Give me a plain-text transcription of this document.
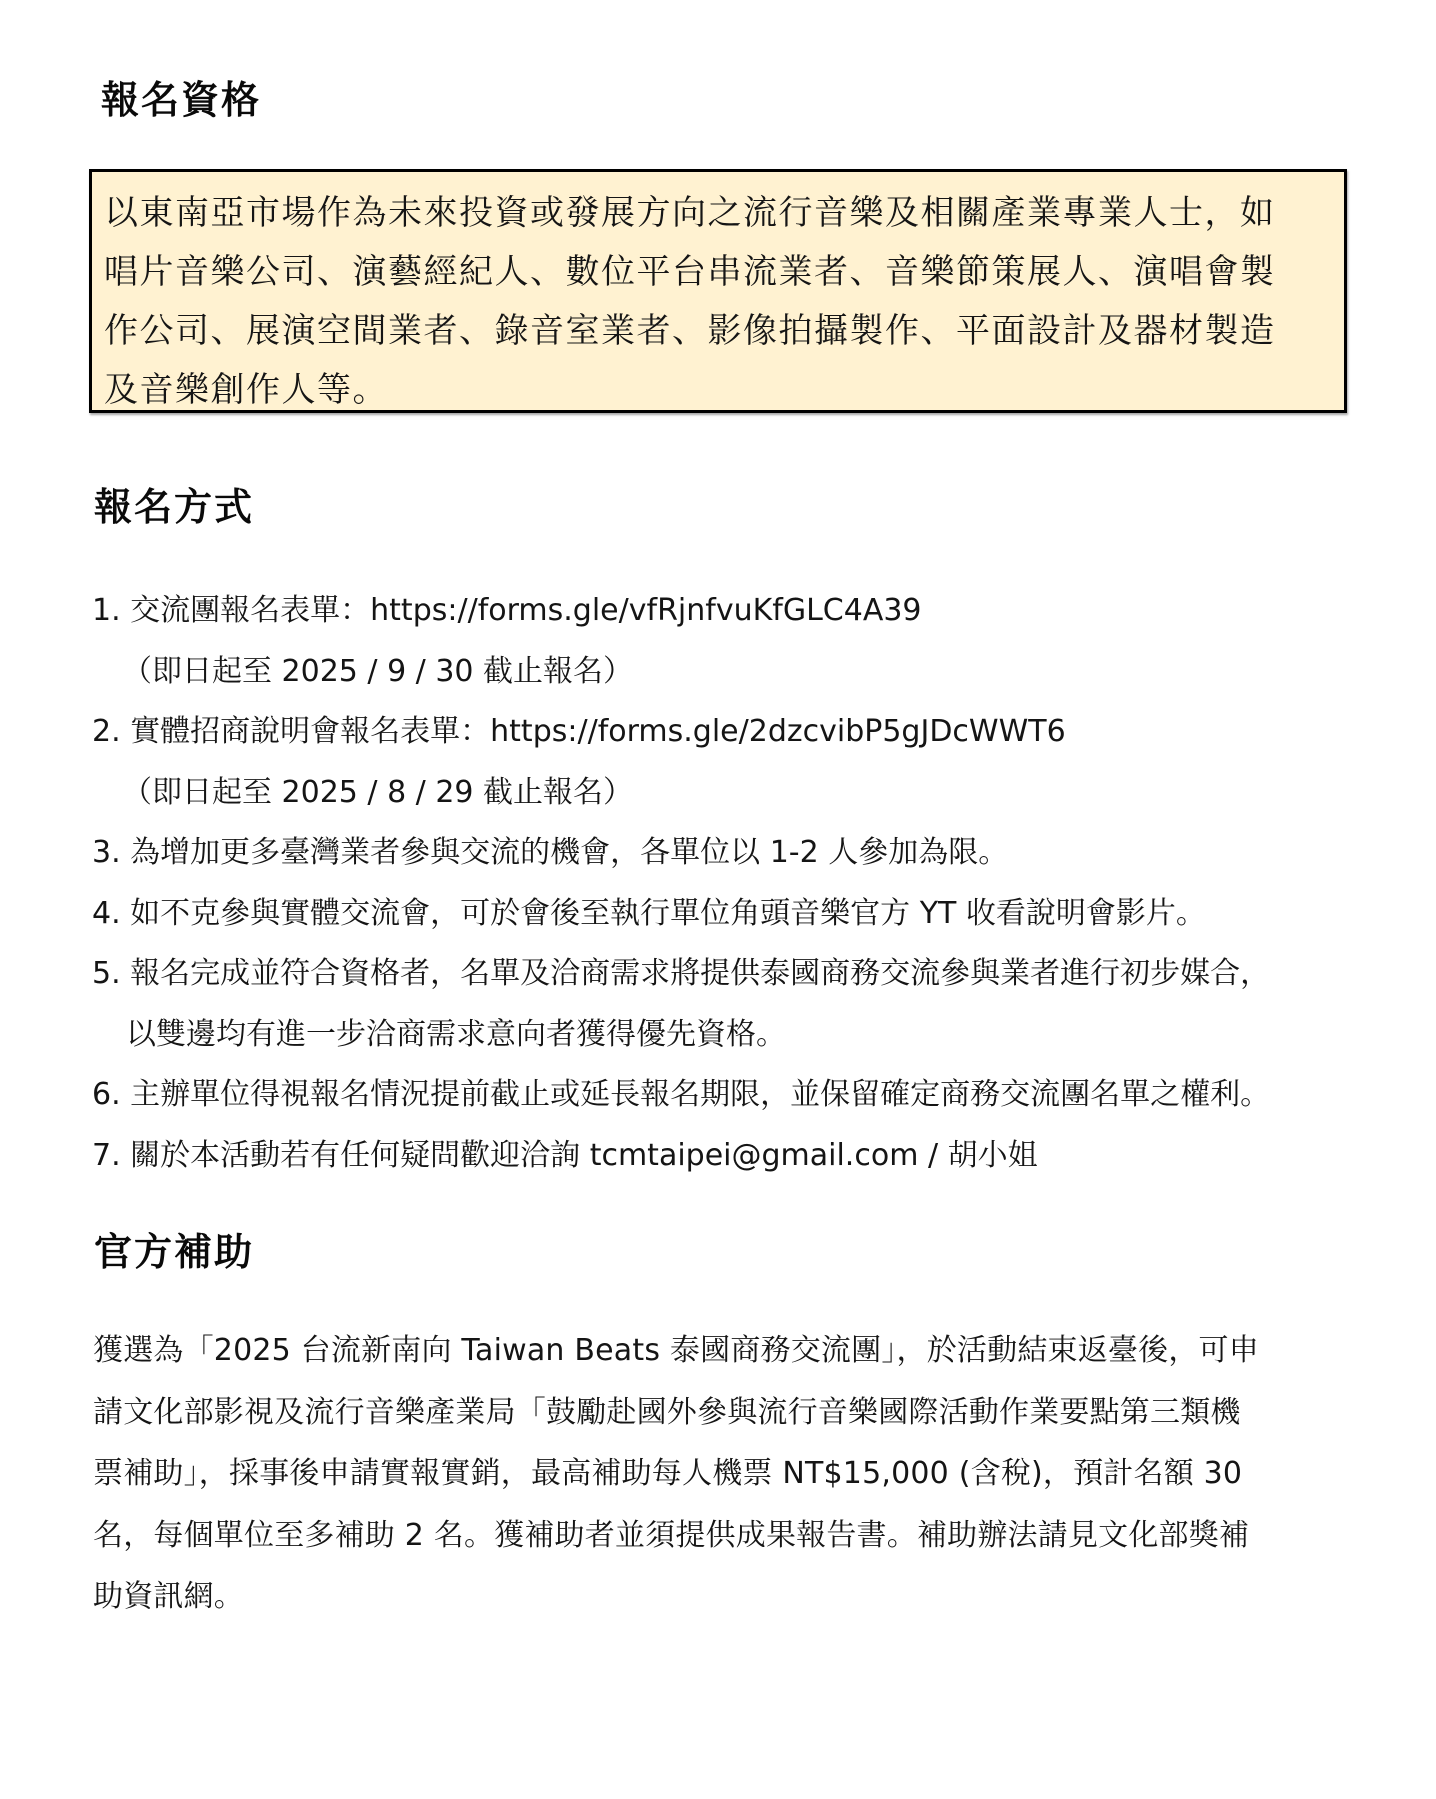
報名資格

以東南亞市場作為未來投資或發展方向之流行音樂及相關產業專業人士，如
唱片音樂公司、演藝經紀人、數位平台串流業者、音樂節策展人、演唱會製
作公司、展演空間業者、錄音室業者、影像拍攝製作、平面設計及器材製造
及音樂創作人等。

報名方式
1. 交流團報名表單：https://forms.gle/vfRjnfvuKfGLC4A39
（即日起至 2025 / 9 / 30 截止報名）
2. 實體招商說明會報名表單：https://forms.gle/2dzcvibP5gJDcWWT6
（即日起至 2025 / 8 / 29 截止報名）
3. 為增加更多臺灣業者參與交流的機會，各單位以 1-2 人參加為限。
4. 如不克參與實體交流會，可於會後至執行單位角頭音樂官方 YT 收看說明會影片。
5. 報名完成並符合資格者，名單及洽商需求將提供泰國商務交流參與業者進行初步媒合，
以雙邊均有進一步洽商需求意向者獲得優先資格。
6. 主辦單位得視報名情況提前截止或延長報名期限，並保留確定商務交流團名單之權利。
7. 關於本活動若有任何疑問歡迎洽詢 tcmtaipei@gmail.com / 胡小姐
官方補助

獲選為「2025 台流新南向 Taiwan Beats 泰國商務交流團」，於活動結束返臺後，可申
請文化部影視及流行音樂產業局「鼓勵赴國外參與流行音樂國際活動作業要點第三類機
票補助」，採事後申請實報實銷，最高補助每人機票 NT$15,000 (含稅)，預計名額 30
名，每個單位至多補助 2 名。獲補助者並須提供成果報告書。補助辦法請見文化部獎補
助資訊網。
